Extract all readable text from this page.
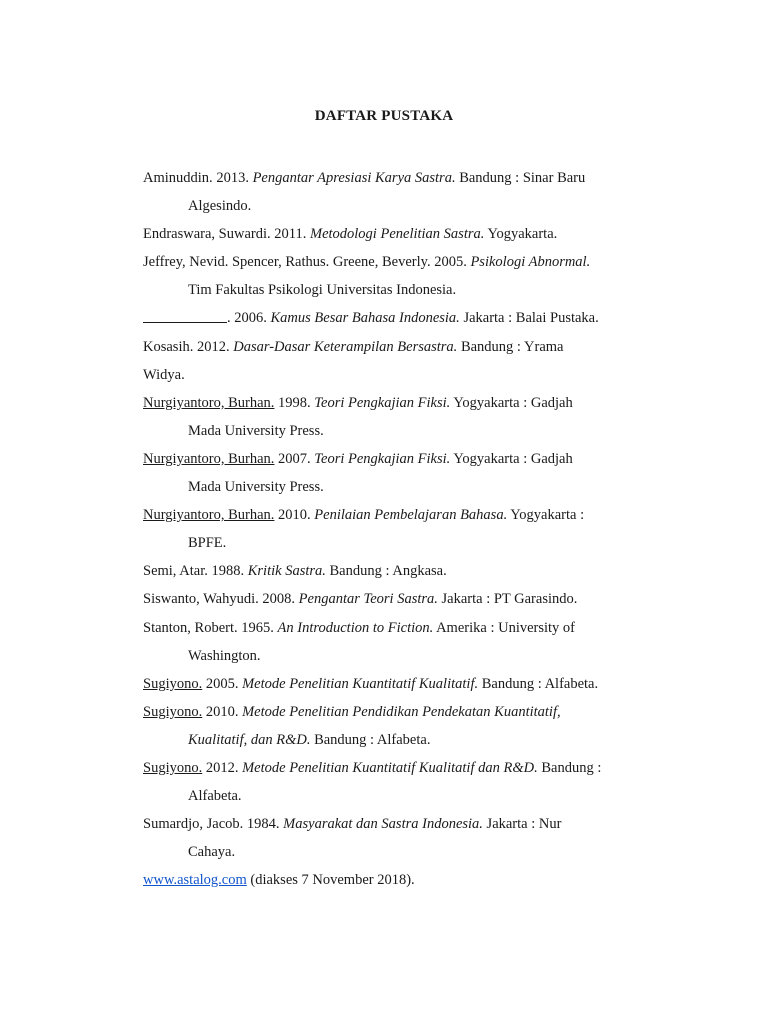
DAFTAR PUSTAKA
Aminuddin. 2013. Pengantar Apresiasi Karya Sastra. Bandung : Sinar Baru
Algesindo.
Endraswara, Suwardi. 2011. Metodologi Penelitian Sastra. Yogyakarta.
Jeffrey, Nevid. Spencer, Rathus. Greene, Beverly. 2005. Psikologi Abnormal.
Tim Fakultas Psikologi Universitas Indonesia.
. 2006. Kamus Besar Bahasa Indonesia. Jakarta : Balai Pustaka.
Kosasih. 2012. Dasar-Dasar Keterampilan Bersastra. Bandung : Yrama
Widya.
Nurgiyantoro, Burhan. 1998. Teori Pengkajian Fiksi. Yogyakarta : Gadjah
Mada University Press.
Nurgiyantoro, Burhan. 2007. Teori Pengkajian Fiksi. Yogyakarta : Gadjah
Mada University Press.
Nurgiyantoro, Burhan. 2010. Penilaian Pembelajaran Bahasa. Yogyakarta :
BPFE.
Semi, Atar. 1988. Kritik Sastra. Bandung : Angkasa.
Siswanto, Wahyudi. 2008. Pengantar Teori Sastra. Jakarta : PT Garasindo.
Stanton, Robert. 1965. An Introduction to Fiction. Amerika : University of
Washington.
Sugiyono. 2005. Metode Penelitian Kuantitatif Kualitatif. Bandung : Alfabeta.
Sugiyono. 2010. Metode Penelitian Pendidikan Pendekatan Kuantitatif,
Kualitatif, dan R&D. Bandung : Alfabeta.
Sugiyono. 2012. Metode Penelitian Kuantitatif Kualitatif dan R&D. Bandung :
Alfabeta.
Sumardjo, Jacob. 1984. Masyarakat dan Sastra Indonesia. Jakarta : Nur
Cahaya.
www.astalog.com (diakses 7 November 2018).
